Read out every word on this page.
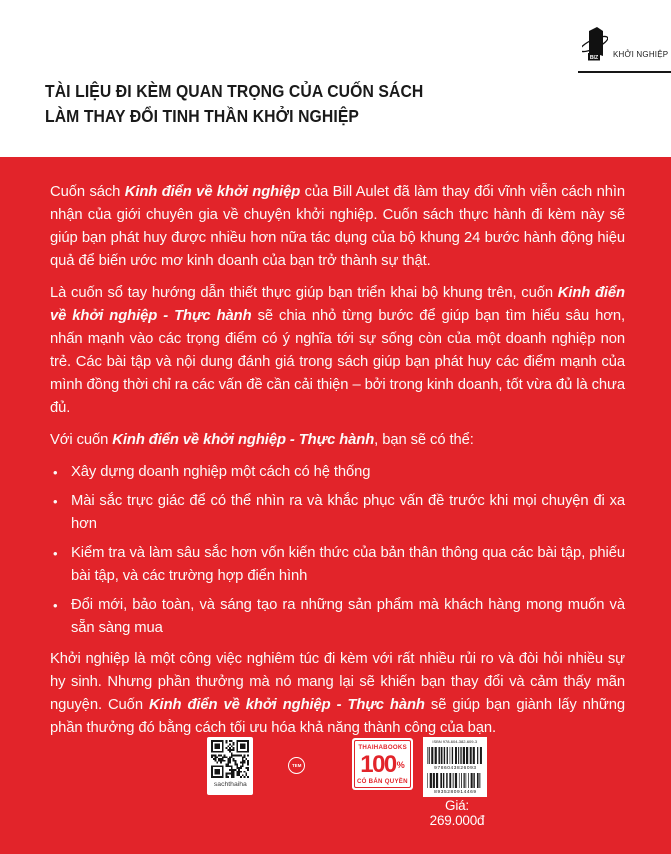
BIZ KHỞI NGHIỆP
TÀI LIỆU ĐI KÈM QUAN TRỌNG CỦA CUỐN SÁCH
LÀM THAY ĐỔI TINH THẦN KHỞI NGHIỆP

Cuốn sách Kinh điển về khởi nghiệp của Bill Aulet đã làm thay đổi vĩnh viễn cách nhìn nhận của giới chuyên gia về chuyện khởi nghiệp. Cuốn sách thực hành đi kèm này sẽ giúp bạn phát huy được nhiều hơn nữa tác dụng của bộ khung 24 bước hành động hiệu quả để biến ước mơ kinh doanh của bạn trở thành sự thật.

Là cuốn sổ tay hướng dẫn thiết thực giúp bạn triển khai bộ khung trên, cuốn Kinh điển về khởi nghiệp - Thực hành sẽ chia nhỏ từng bước để giúp bạn tìm hiểu sâu hơn, nhấn mạnh vào các trọng điểm có ý nghĩa tới sự sống còn của một doanh nghiệp non trẻ. Các bài tập và nội dung đánh giá trong sách giúp bạn phát huy các điểm mạnh của mình đồng thời chỉ ra các vấn đề cần cải thiện – bởi trong kinh doanh, tốt vừa đủ là chưa đủ.

Với cuốn Kinh điển về khởi nghiệp - Thực hành, bạn sẽ có thể:

• Xây dựng doanh nghiệp một cách có hệ thống
• Mài sắc trực giác để có thể nhìn ra và khắc phục vấn đề trước khi mọi chuyện đi xa hơn
• Kiểm tra và làm sâu sắc hơn vốn kiến thức của bản thân thông qua các bài tập, phiếu bài tập, và các trường hợp điển hình
• Đổi mới, bảo toàn, và sáng tạo ra những sản phẩm mà khách hàng mong muốn và sẵn sàng mua

Khởi nghiệp là một công việc nghiêm túc đi kèm với rất nhiều rủi ro và đòi hỏi nhiều sự hy sinh. Nhưng phần thưởng mà nó mang lại sẽ khiến bạn thay đổi và cảm thấy mãn nguyện. Cuốn Kinh điển về khởi nghiệp - Thực hành sẽ giúp bạn giành lấy những phần thưởng đó bằng cách tối ưu hóa khả năng thành công của bạn.

sachthaiha
TEM
THAIHABOOKS
100 %
CÓ BẢN QUYỀN
ISBN 978-604-382-609-3
9786043826093
8935280914469
Giá: 269.000đ
